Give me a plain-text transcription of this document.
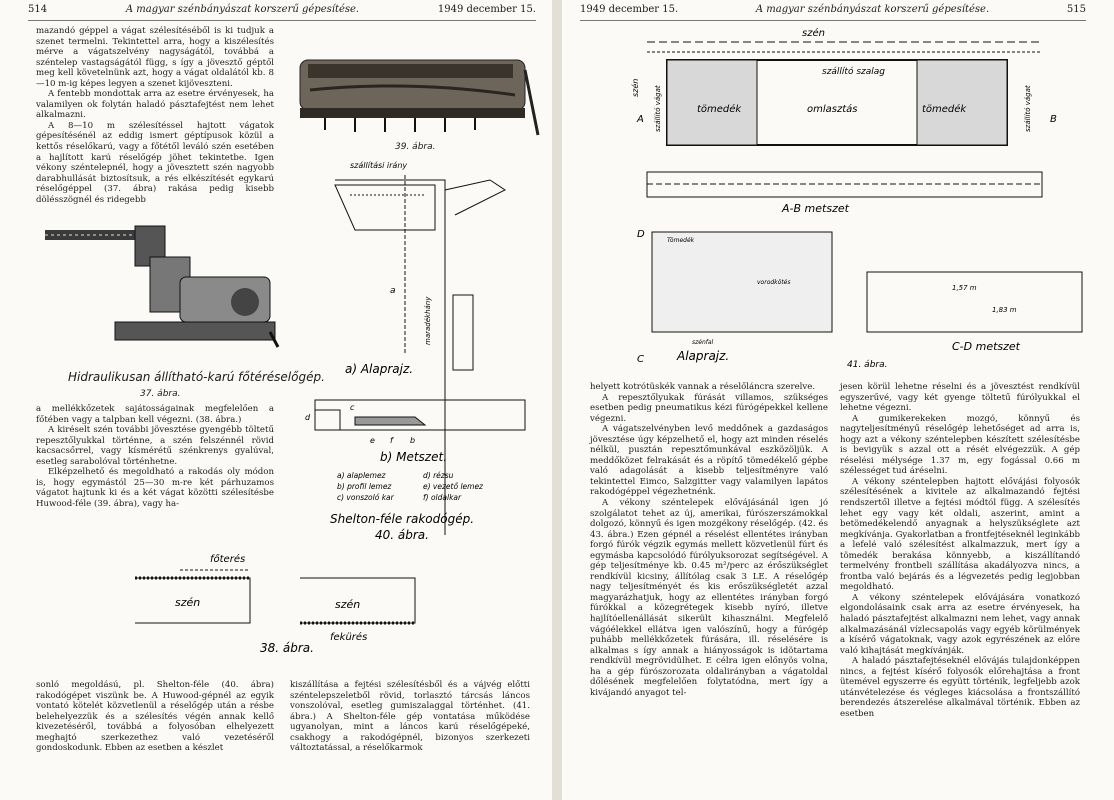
514	A magyar szénbányászat korszerű gépesítése.	1949 december 15.

mazandó géppel a vágat szélesítéséből is ki tudjuk a szenet termelni. Tekintettel arra, hogy a kiszélesítés mérve a vágatszelvény nagyságától, továbbá a széntelep vastagságától függ, s így a jövesztő géptől meg kell követelnünk azt, hogy a vágat oldalától kb. 8—10 m-ig képes legyen a szenet kijöveszteni.

A fentebb mondottak arra az esetre érvényesek, ha valamilyen ok folytán haladó pásztafejtést nem lehet alkalmazni.

A 8—10 m szélesítéssel hajtott vágatok gépesítésénél az eddig ismert géptípusok közül a kettős réselőkarú, vagy a főtétől leváló szén esetében a hajlított karú réselőgép jöhet tekintetbe. Igen vékony széntelepnél, hogy a jövesztett szén nagyobb darabhullását biztosítsuk, a rés elkészítését egykarú réselőgéppel (37. ábra) rakása pedig kisebb dölésszögnél és ridegebb

39. ábra.
Hidraulikusan állítható-karú főtéréselőgép.
37. ábra.
szállítási irány
a
maradékhány
a) Alaprajz.
d
c
e f b
b) Metszet.
a) alaplemez
b) profil lemez
c) vonszoló kar
d) rézsu
e) vezető lemez
f) oldalkar
Shelton-féle rakodógép.
40. ábra.

a mellékkőzetek sajátosságainak megfelelően a főtében vagy a talpban kell végezni. (38. ábra.)

A kiréselt szén további jövesztése gyengébb töltetű repesztőlyukkal történne, a szén felszénnél rövid kacsacsőrrel, vagy kísmérétű szénkrenys gyalúval, esetleg sarabolóval történhetne.

Elképzelhető és megoldható a rakodás oly módon is, hogy egymástól 25—30 m-re két párhuzamos vágatot hajtunk ki és a két vágat közötti szélesítésbe Huwood-féle (39. ábra), vagy ha-

főterés
szén	szén
fekürés
38. ábra.

sonló megoldású, pl. Shelton-féle (40. ábra) rakodógépet viszünk be. A Huwood-gépnél az egyik vontató kötelét közvetlenül a réselőgép után a résbe belehelyezzük és a szélesítés végén annak kellő kivezetéséről, továbbá a folyosóban elhelyezett meghajtó szerkezethez való vezetéséről gondoskodunk. Ebben az esetben a készlet

kiszállítása a fejtési szélesítésből és a vájvég előtti széntelepszeletből rövid, torlasztó tárcsás láncos vonszolóval, esetleg gumiszalaggal történhet. (41. ábra.) A Shelton-féle gép vontatása működése ugyanolyan, mint a láncos karú réselőgépeké, csakhogy a rakodógépnél, bizonyos szerkezeti változtatással, a réselőkarmok

1949 december 15.	A magyar szénbányászat korszerű gépesítése.	515
szén
szállító szalag
tömedék	omlasztás	tömedék
A	B
szén szállító vágat	szállító vágat
A-B metszet
D
Tömedék
vorodkötés
szénfal
C	Alaprajz.
1,57 m
1,83 m
C-D metszet
41. ábra.

helyett kotrótüskék vannak a réselőláncra szerelve.

A repesztőlyukak fúrását villamos, szükséges esetben pedig pneumatikus kézi fúrógépekkel kellene végezni.

A vágatszelvényben levő meddőnek a gazdaságos jövesztése úgy képzelhető el, hogy azt minden réselés nélkül, pusztán repesztőmunkával eszközöljük. A meddőközet felrakását és a röpítő tömedékelő gépbe való adagolását a kisebb teljesítményre való tekintettel Eimco, Salzgitter vagy valamilyen lapátos rakodógéppel végezhetnénk.

A vékony széntelepek elővájásánál igen jó szolgálatot tehet az új, amerikai, fúrószerszámokkal dolgozó, könnyű és igen mozgékony réselőgép. (42. és 43. ábra.) Ezen gépnél a réselést ellentétes irányban forgó fúrók végzik egymás mellett közvetlenül fúrt és egymásba kapcsolódó fúrólyuksorozat segítségével. A gép teljesítménye kb. 0.45 m²/perc az érőszükséglet rendkívül kicsiny, állítólag csak 3 LE. A réselőgép nagy teljesítményét és kis erőszükségletét azzal magyarázhatjuk, hogy az ellentétes irányban forgó fúrókkal a közegrétegek kisebb nyíró, illetve hajlítóellenállását sikerült kihasználni. Megfelelő vágóélekkel ellátva igen valószínű, hogy a fúrógép puhább mellékkőzetek fúrására, ill. réselésére is alkalmas s így annak a hiányosságok is idötartama rendkívül megrövidülhet. E célra igen előnyös volna, ha a gép fúrószorozata oldalirányban a vágatoldal dőlésének megfelelően folytatódna, mert így a kivájandó anyagot tel-

jesen körül lehetne réselni és a jövesztést rendkívül egyszerűvé, vagy két gyenge töltetű fúrólyukkal el lehetne végezni.

A gumikerekeken mozgó, könnyű és nagyteljesítményű réselőgép lehetőséget ad arra is, hogy azt a vékony széntelepben készített szélesítésbe is bevigyük s azzal ott a rését elvégezzük. A gép réselési mélysége 1.37 m, egy fogással 0.66 m szélességet tud áréselni.

A vékony széntelepben hajtott elővájási folyosók szélesítésének a kivitele az alkalmazandó fejtési rendszertől illetve a fejtési módtól függ. A szélesítés lehet egy vagy két oldali, aszerint, amint a betömedékelendő anyagnak a helyszükséglete azt megkívánja. Gyakorlatban a frontfejtéseknél leginkább a lefelé való szélesítést alkalmazzuk, mert így a tömedék berakása könnyebb, a kiszállítandó termelvény frontbeli szállítása akadályozva nincs, a frontba való bejárás és a légvezetés pedig legjobban megoldható.

A vékony széntelepek elővájására vonatkozó elgondolásaink csak arra az esetre érvényesek, ha haladó pásztafejtést alkalmazni nem lehet, vagy annak alkalmazásánál vízlecsapolás vagy egyéb körülmények a kísérő vágatoknak, vagy azok egyrészének az előre való kihajtását megkívánják.

A haladó pásztafejtéseknél elővájás tulajdonképpen nincs, a fejtést kísérő folyosók előrehajtása a front ütemével egyszerre és együtt történik, legfeljebb azok utánvételezése és végleges kiácsolása a frontszállító berendezés átszerelése alkalmával történik. Ebben az esetben
